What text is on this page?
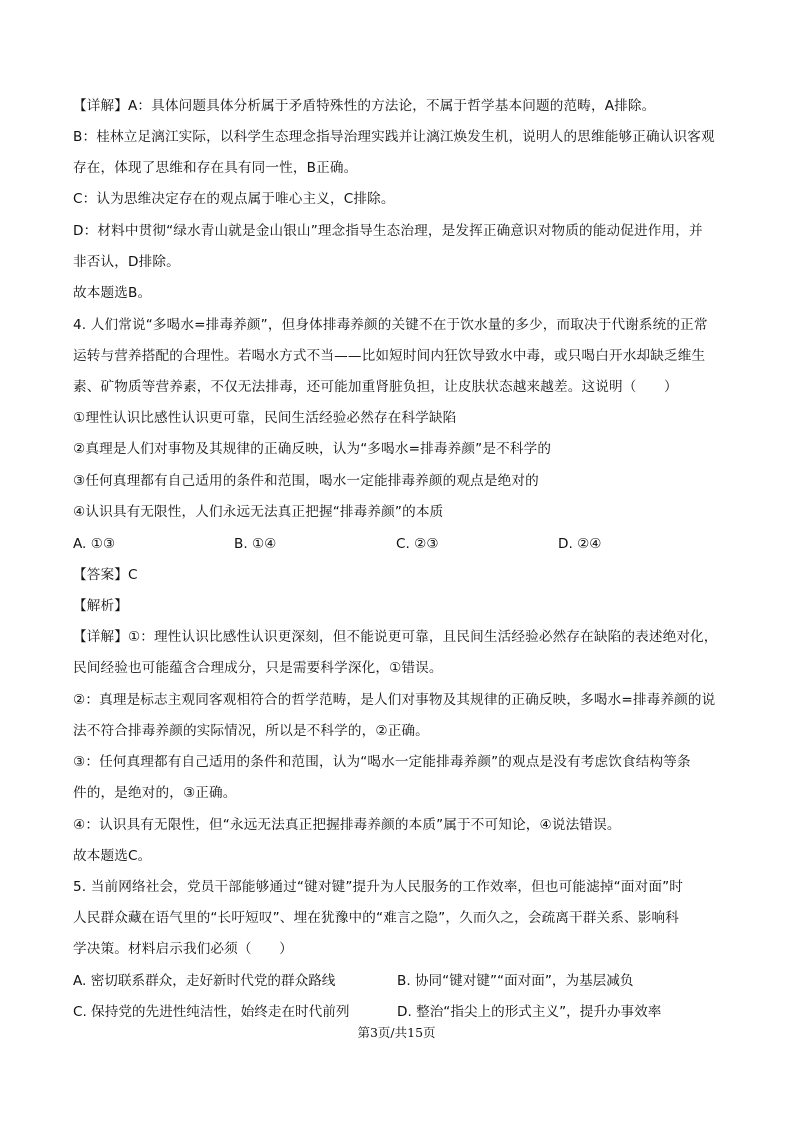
【详解】A：具体问题具体分析属于矛盾特殊性的方法论，不属于哲学基本问题的范畴，A排除。
B：桂林立足漓江实际，以科学生态理念指导治理实践并让漓江焕发生机，说明人的思维能够正确认识客观
存在，体现了思维和存在具有同一性，B正确。
C：认为思维决定存在的观点属于唯心主义，C排除。
D：材料中贯彻“绿水青山就是金山银山”理念指导生态治理，是发挥正确意识对物质的能动促进作用，并
非否认，D排除。
故本题选B。
4. 人们常说“多喝水=排毒养颜”，但身体排毒养颜的关键不在于饮水量的多少，而取决于代谢系统的正常
运转与营养搭配的合理性。若喝水方式不当——比如短时间内狂饮导致水中毒，或只喝白开水却缺乏维生
素、矿物质等营养素，不仅无法排毒，还可能加重肾脏负担，让皮肤状态越来越差。这说明（　　）
①理性认识比感性认识更可靠，民间生活经验必然存在科学缺陷
②真理是人们对事物及其规律的正确反映，认为“多喝水=排毒养颜”是不科学的
③任何真理都有自己适用的条件和范围，喝水一定能排毒养颜的观点是绝对的
④认识具有无限性，人们永远无法真正把握“排毒养颜”的本质
A. ①③	B. ①④	C. ②③	D. ②④
【答案】C
【解析】
【详解】①：理性认识比感性认识更深刻，但不能说更可靠，且民间生活经验必然存在缺陷的表述绝对化，
民间经验也可能蕴含合理成分，只是需要科学深化，①错误。
②：真理是标志主观同客观相符合的哲学范畴，是人们对事物及其规律的正确反映，多喝水=排毒养颜的说
法不符合排毒养颜的实际情况，所以是不科学的，②正确。
③：任何真理都有自己适用的条件和范围，认为“喝水一定能排毒养颜”的观点是没有考虑饮食结构等条
件的，是绝对的，③正确。
④：认识具有无限性，但“永远无法真正把握排毒养颜的本质”属于不可知论，④说法错误。
故本题选C。
5. 当前网络社会，党员干部能够通过“键对键”提升为人民服务的工作效率，但也可能滤掉“面对面”时
人民群众藏在语气里的“长吁短叹”、埋在犹豫中的“难言之隐”，久而久之，会疏离干群关系、影响科
学决策。材料启示我们必须（　　）
A. 密切联系群众，走好新时代党的群众路线	B. 协同“键对键”“面对面”，为基层减负
C. 保持党的先进性纯洁性，始终走在时代前列	D. 整治“指尖上的形式主义”，提升办事效率
第3页/共15页
